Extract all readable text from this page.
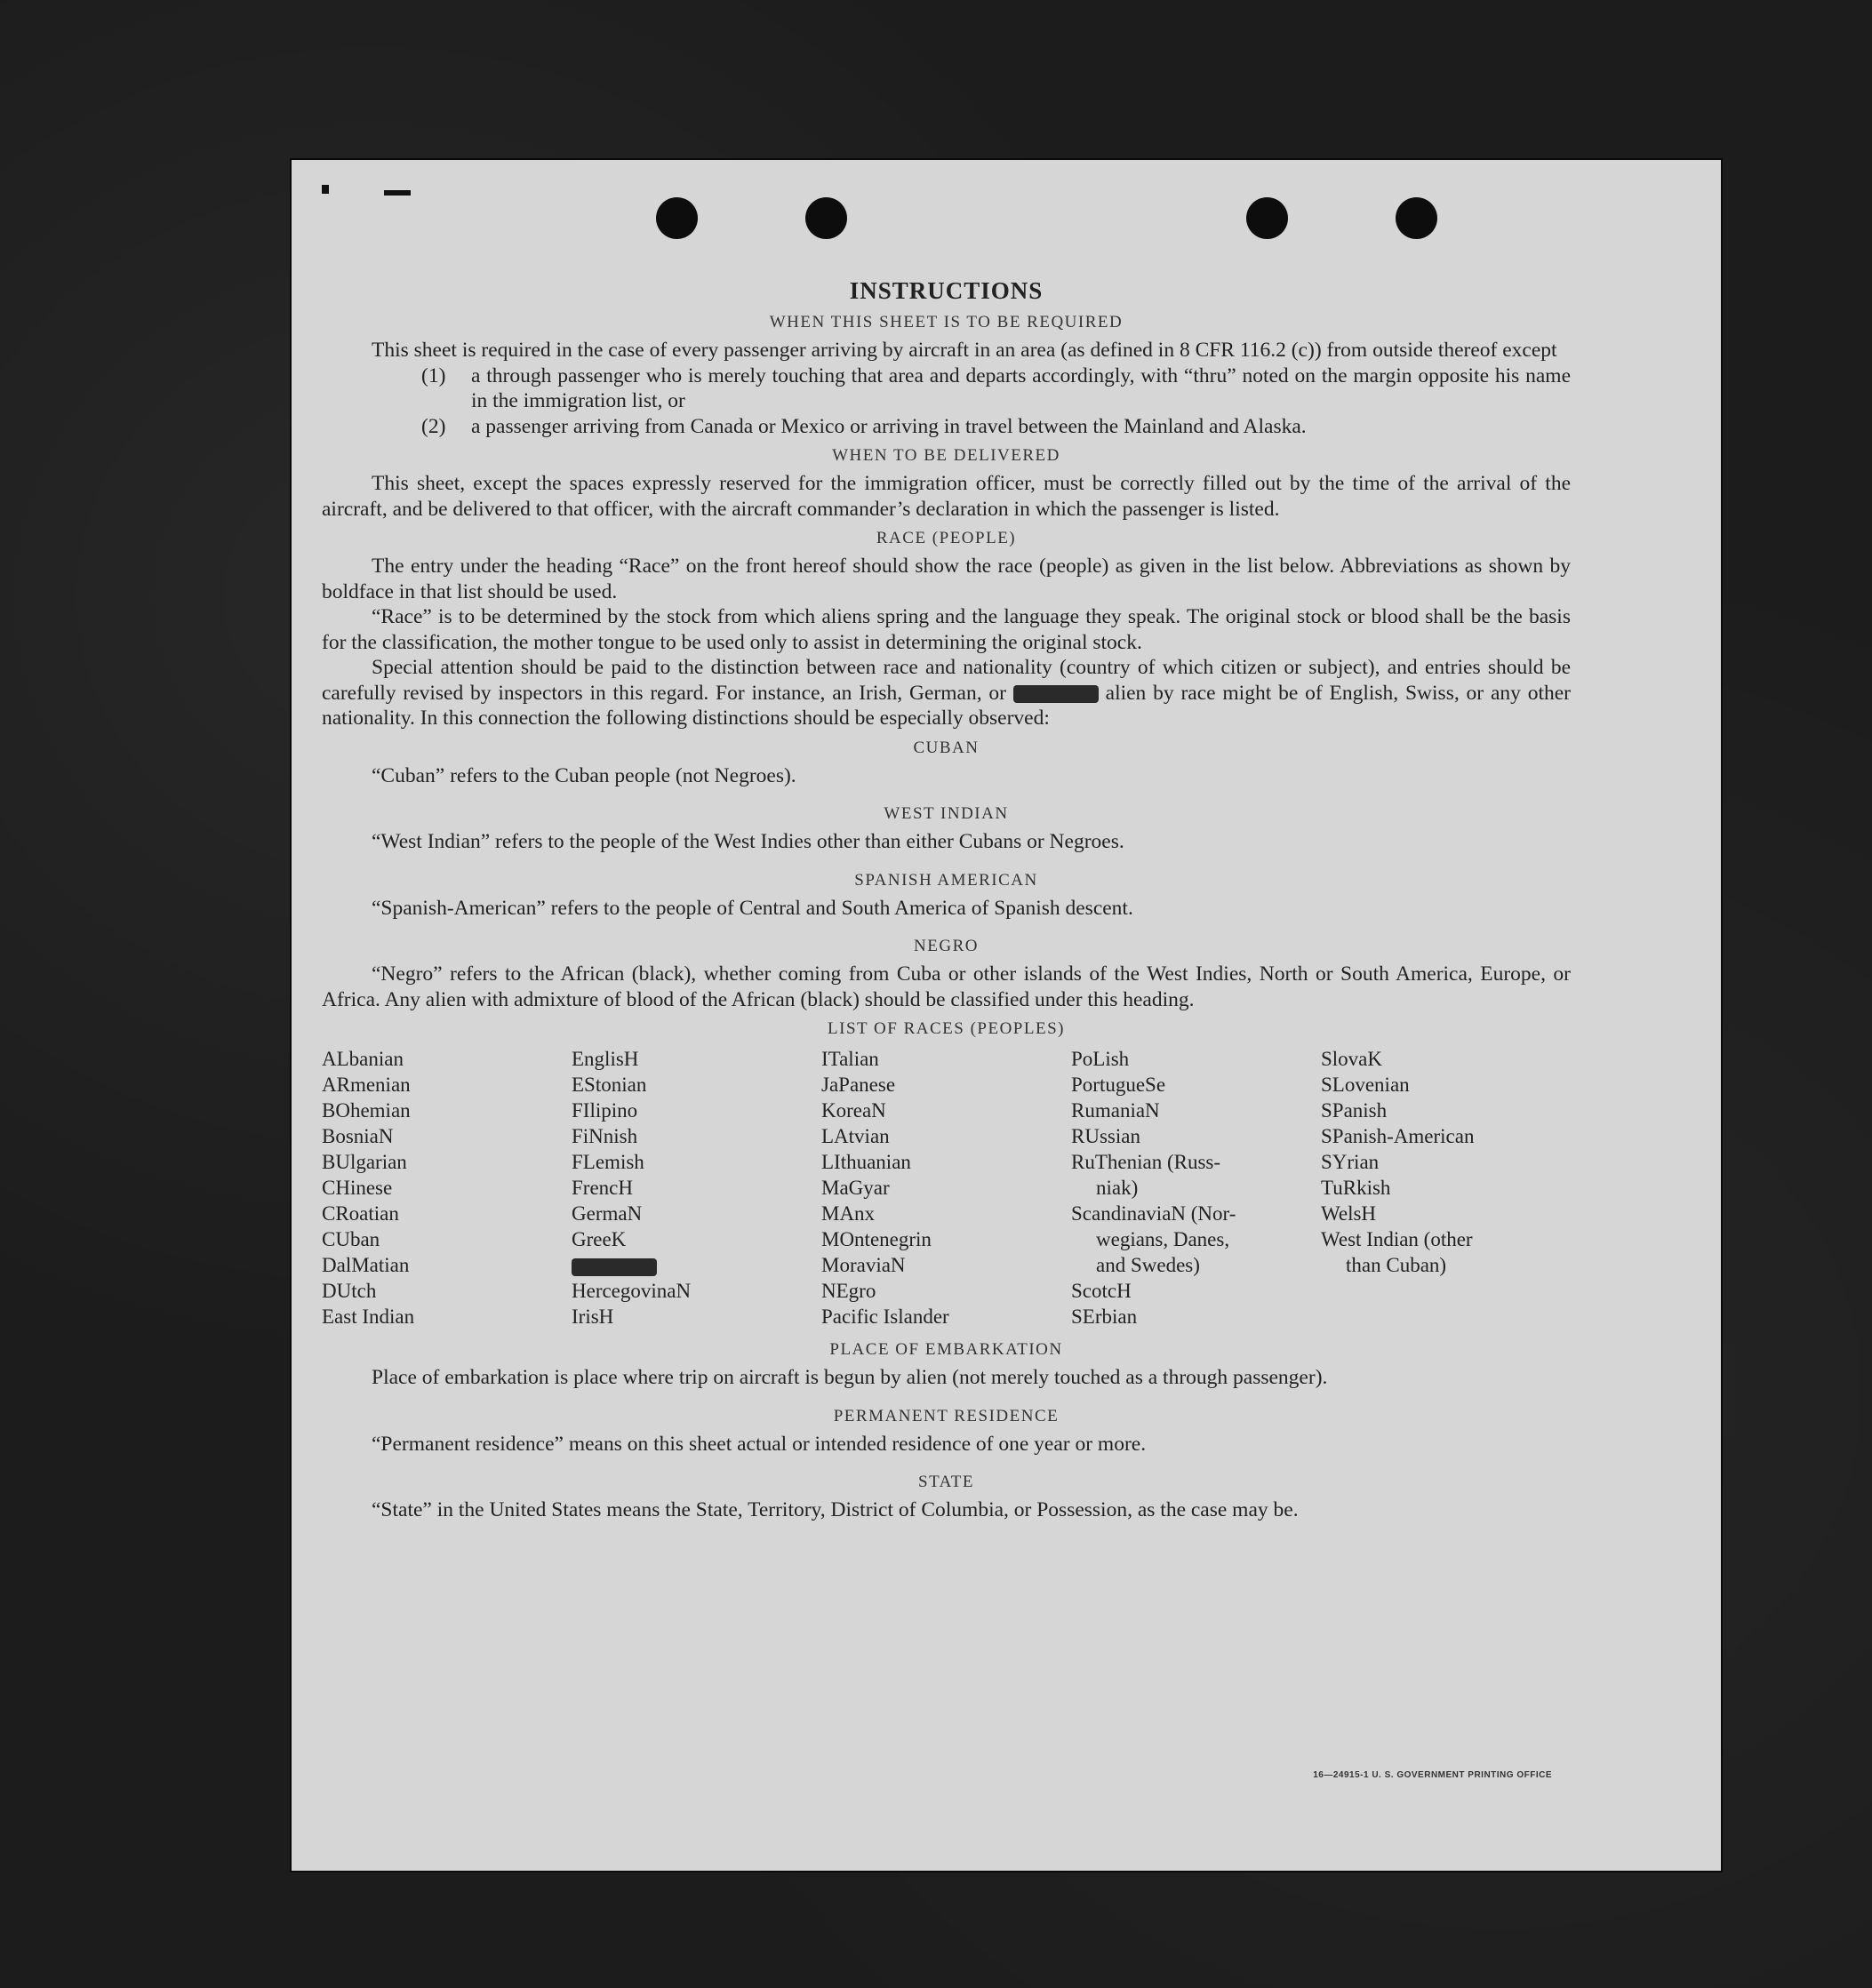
INSTRUCTIONS
WHEN THIS SHEET IS TO BE REQUIRED

This sheet is required in the case of every passenger arriving by aircraft in an area (as defined in 8 CFR 116.2 (c)) from outside thereof except

(1) a through passenger who is merely touching that area and departs accordingly, with “thru” noted on the margin opposite his name in the immigration list, or
(2) a passenger arriving from Canada or Mexico or arriving in travel between the Mainland and Alaska.
WHEN TO BE DELIVERED

This sheet, except the spaces expressly reserved for the immigration officer, must be correctly filled out by the time of the arrival of the aircraft, and be delivered to that officer, with the aircraft commander’s declaration in which the passenger is listed.

RACE (PEOPLE)

The entry under the heading “Race” on the front hereof should show the race (people) as given in the list below. Abbreviations as shown by boldface in that list should be used.

“Race” is to be determined by the stock from which aliens spring and the language they speak. The original stock or blood shall be the basis for the classification, the mother tongue to be used only to assist in determining the original stock.

Special attention should be paid to the distinction between race and nationality (country of which citizen or subject), and entries should be carefully revised by inspectors in this regard. For instance, an Irish, German, or	alien by race might be of English, Swiss, or any other nationality. In this connection the following distinctions should be especially observed:

CUBAN

“Cuban” refers to the Cuban people (not Negroes).

WEST INDIAN

“West Indian” refers to the people of the West Indies other than either Cubans or Negroes.

SPANISH AMERICAN

“Spanish-American” refers to the people of Central and South America of Spanish descent.

NEGRO

“Negro” refers to the African (black), whether coming from Cuba or other islands of the West Indies, North or South America, Europe, or Africa. Any alien with admixture of blood of the African (black) should be classified under this heading.

LIST OF RACES (PEOPLES)
ALbanian
ARmenian
BOhemian
BosniaN
BUlgarian
CHinese
CRoatian
CUban
DalMatian
DUtch
East Indian
EnglisH
EStonian
FIlipino
FiNnish
FLemish
FrencH
GermaN
GreeK
HercegovinaN
IrisH
ITalian
JaPanese
KoreaN
LAtvian
LIthuanian
MaGyar
MAnx
MOntenegrin
MoraviaN
NEgro
Pacific Islander
PoLish
PortugueSe
RumaniaN
RUssian
RuThenian (Russ-
niak)
ScandinaviaN (Nor-
wegians, Danes,
and Swedes)
ScotcH
SErbian
SlovaK
SLovenian
SPanish
SPanish-American
SYrian
TuRkish
WelsH
West Indian (other
than Cuban)
PLACE OF EMBARKATION

Place of embarkation is place where trip on aircraft is begun by alien (not merely touched as a through passenger).

PERMANENT RESIDENCE

“Permanent residence” means on this sheet actual or intended residence of one year or more.

STATE

“State” in the United States means the State, Territory, District of Columbia, or Possession, as the case may be.

16—24915-1 U. S. GOVERNMENT PRINTING OFFICE
